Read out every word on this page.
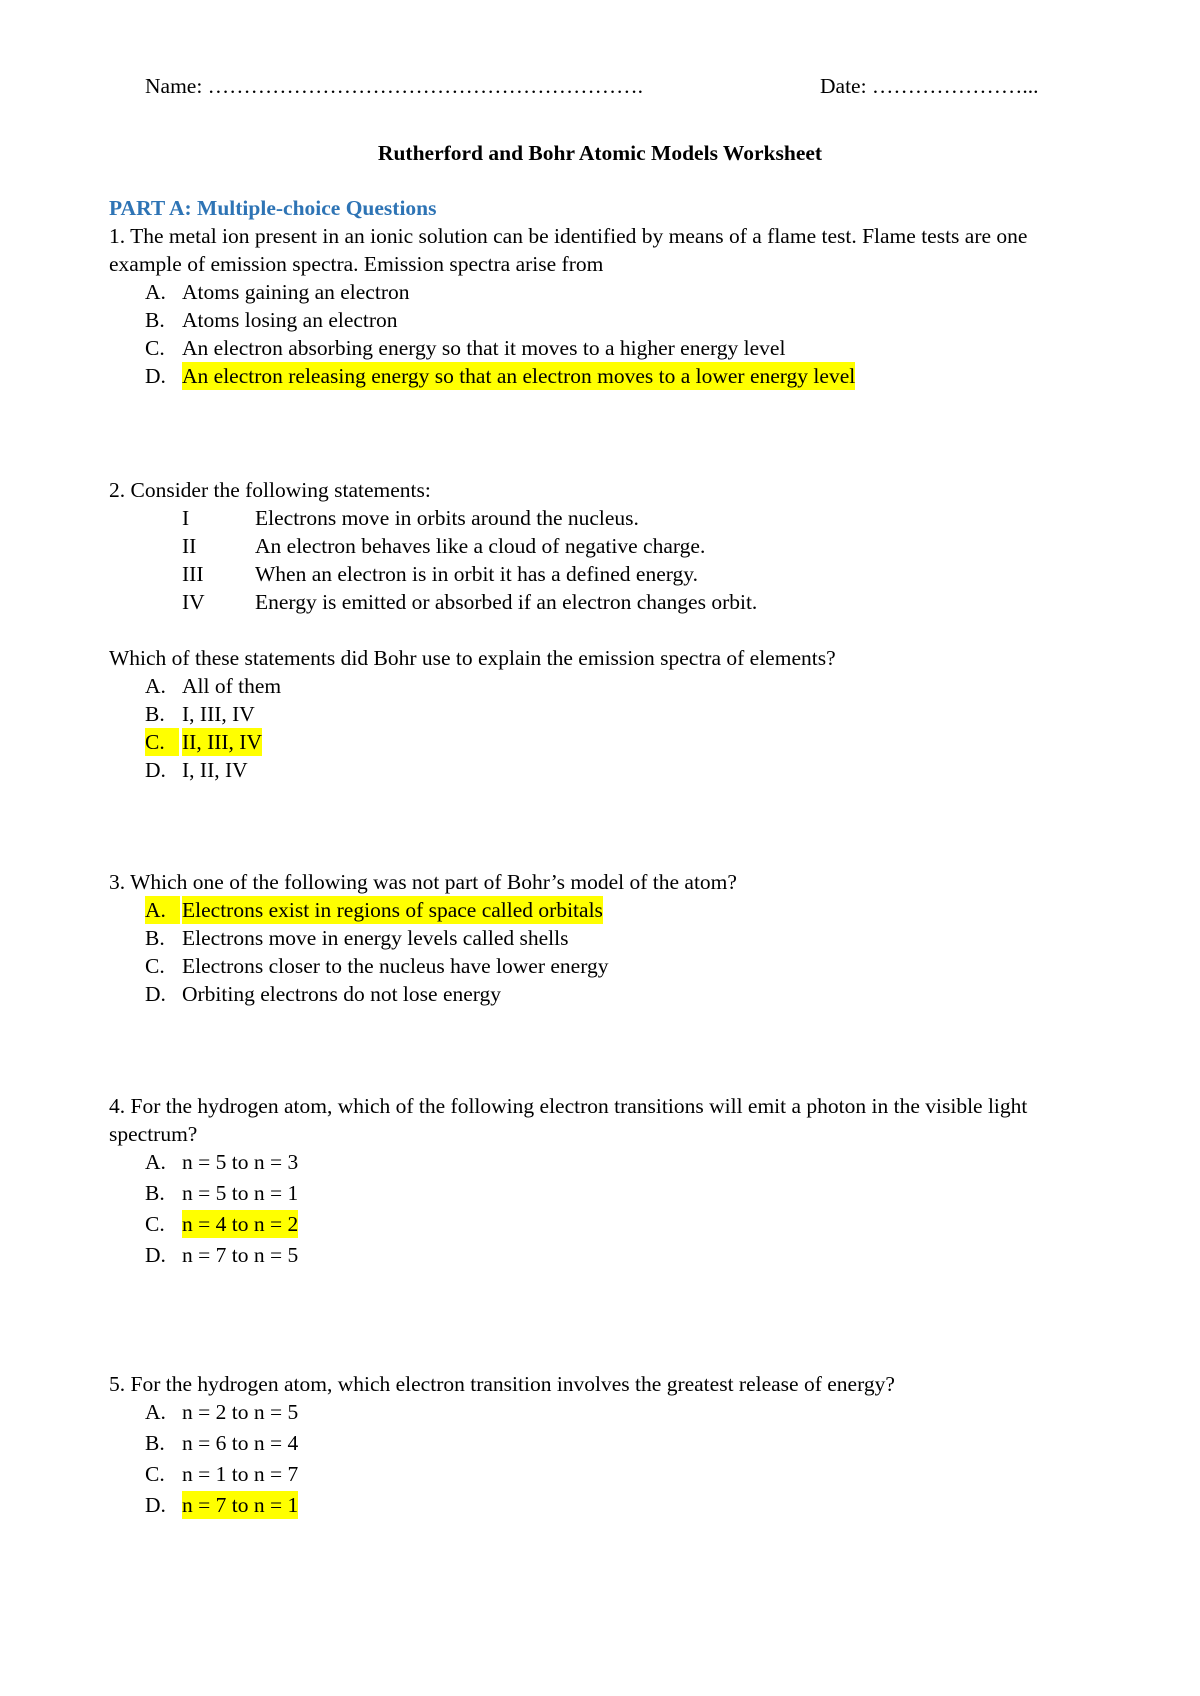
Name: …………………………………………………….	Date: …………………...
Rutherford and Bohr Atomic Models Worksheet
PART A: Multiple-choice Questions

1. The metal ion present in an ionic solution can be identified by means of a flame test. Flame tests are one example of emission spectra. Emission spectra arise from

A. Atoms gaining an electron
B. Atoms losing an electron
C. An electron absorbing energy so that it moves to a higher energy level
D. An electron releasing energy so that an electron moves to a lower energy level

2. Consider the following statements:

I	Electrons move in orbits around the nucleus.
II	An electron behaves like a cloud of negative charge.
III When an electron is in orbit it has a defined energy.
IV Energy is emitted or absorbed if an electron changes orbit.

Which of these statements did Bohr use to explain the emission spectra of elements?

A. All of them
B. I, III, IV
C. II, III, IV
D. I, II, IV

3. Which one of the following was not part of Bohr’s model of the atom?

A. Electrons exist in regions of space called orbitals
B. Electrons move in energy levels called shells
C. Electrons closer to the nucleus have lower energy
D. Orbiting electrons do not lose energy

4. For the hydrogen atom, which of the following electron transitions will emit a photon in the visible light spectrum?

A. n = 5 to n = 3
B. n = 5 to n = 1
C. n = 4 to n = 2
D. n = 7 to n = 5

5. For the hydrogen atom, which electron transition involves the greatest release of energy?

A. n = 2 to n = 5
B. n = 6 to n = 4
C. n = 1 to n = 7
D. n = 7 to n = 1
